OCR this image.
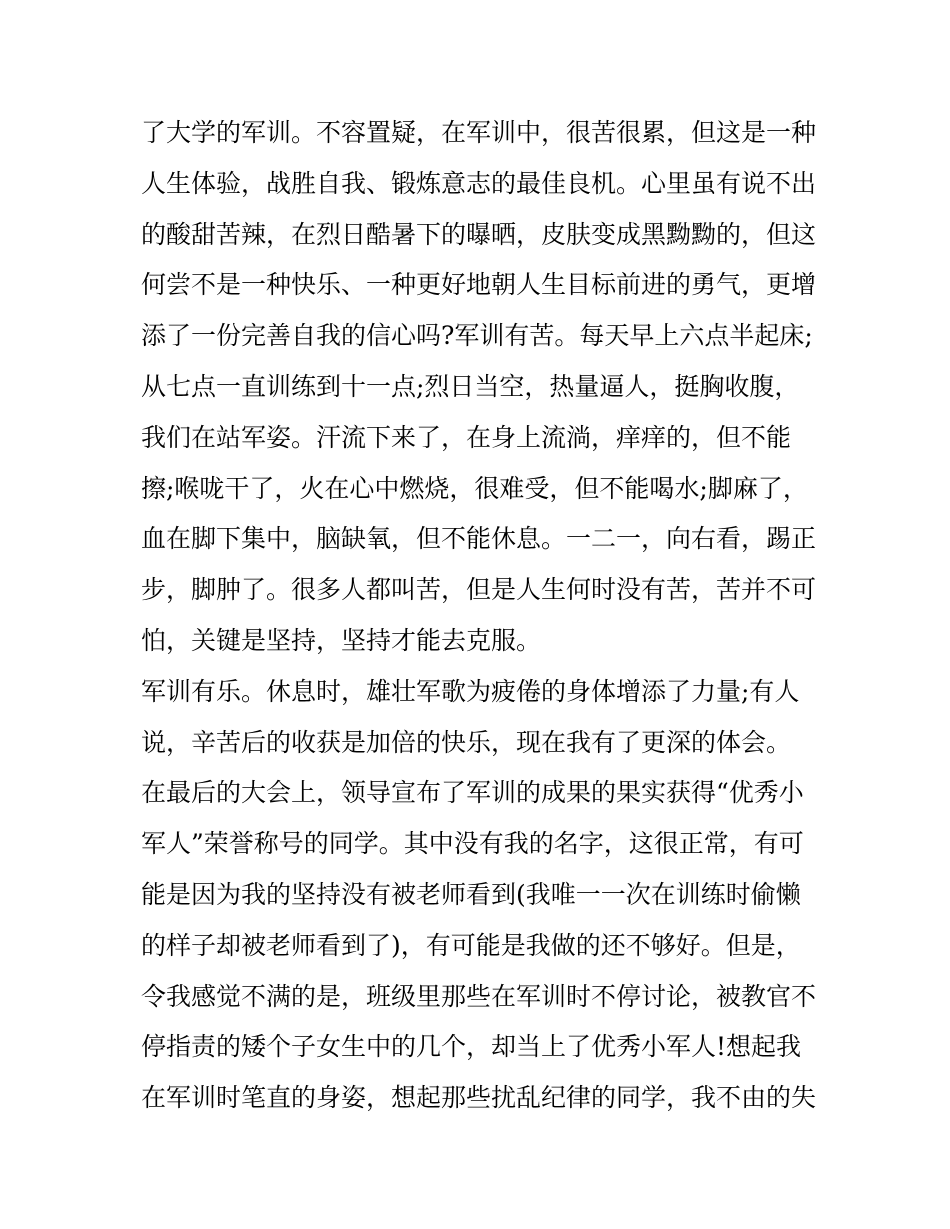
了大学的军训。不容置疑，在军训中，很苦很累，但这是一种
人生体验，战胜自我、锻炼意志的最佳良机。心里虽有说不出
的酸甜苦辣，在烈日酷暑下的曝晒，皮肤变成黑黝黝的，但这
何尝不是一种快乐、一种更好地朝人生目标前进的勇气，更增
添了一份完善自我的信心吗?军训有苦。每天早上六点半起床;
从七点一直训练到十一点;烈日当空，热量逼人，挺胸收腹，
我们在站军姿。汗流下来了，在身上流淌，痒痒的，但不能
擦;喉咙干了，火在心中燃烧，很难受，但不能喝水;脚麻了，
血在脚下集中，脑缺氧，但不能休息。一二一，向右看，踢正
步，脚肿了。很多人都叫苦，但是人生何时没有苦，苦并不可
怕，关键是坚持，坚持才能去克服。
军训有乐。休息时，雄壮军歌为疲倦的身体增添了力量;有人
说，辛苦后的收获是加倍的快乐，现在我有了更深的体会。
在最后的大会上，领导宣布了军训的成果的果实获得“优秀小
军人”荣誉称号的同学。其中没有我的名字，这很正常，有可
能是因为我的坚持没有被老师看到(我唯一一次在训练时偷懒
的样子却被老师看到了)，有可能是我做的还不够好。但是，
令我感觉不满的是，班级里那些在军训时不停讨论，被教官不
停指责的矮个子女生中的几个，却当上了优秀小军人!想起我
在军训时笔直的身姿，想起那些扰乱纪律的同学，我不由的失
